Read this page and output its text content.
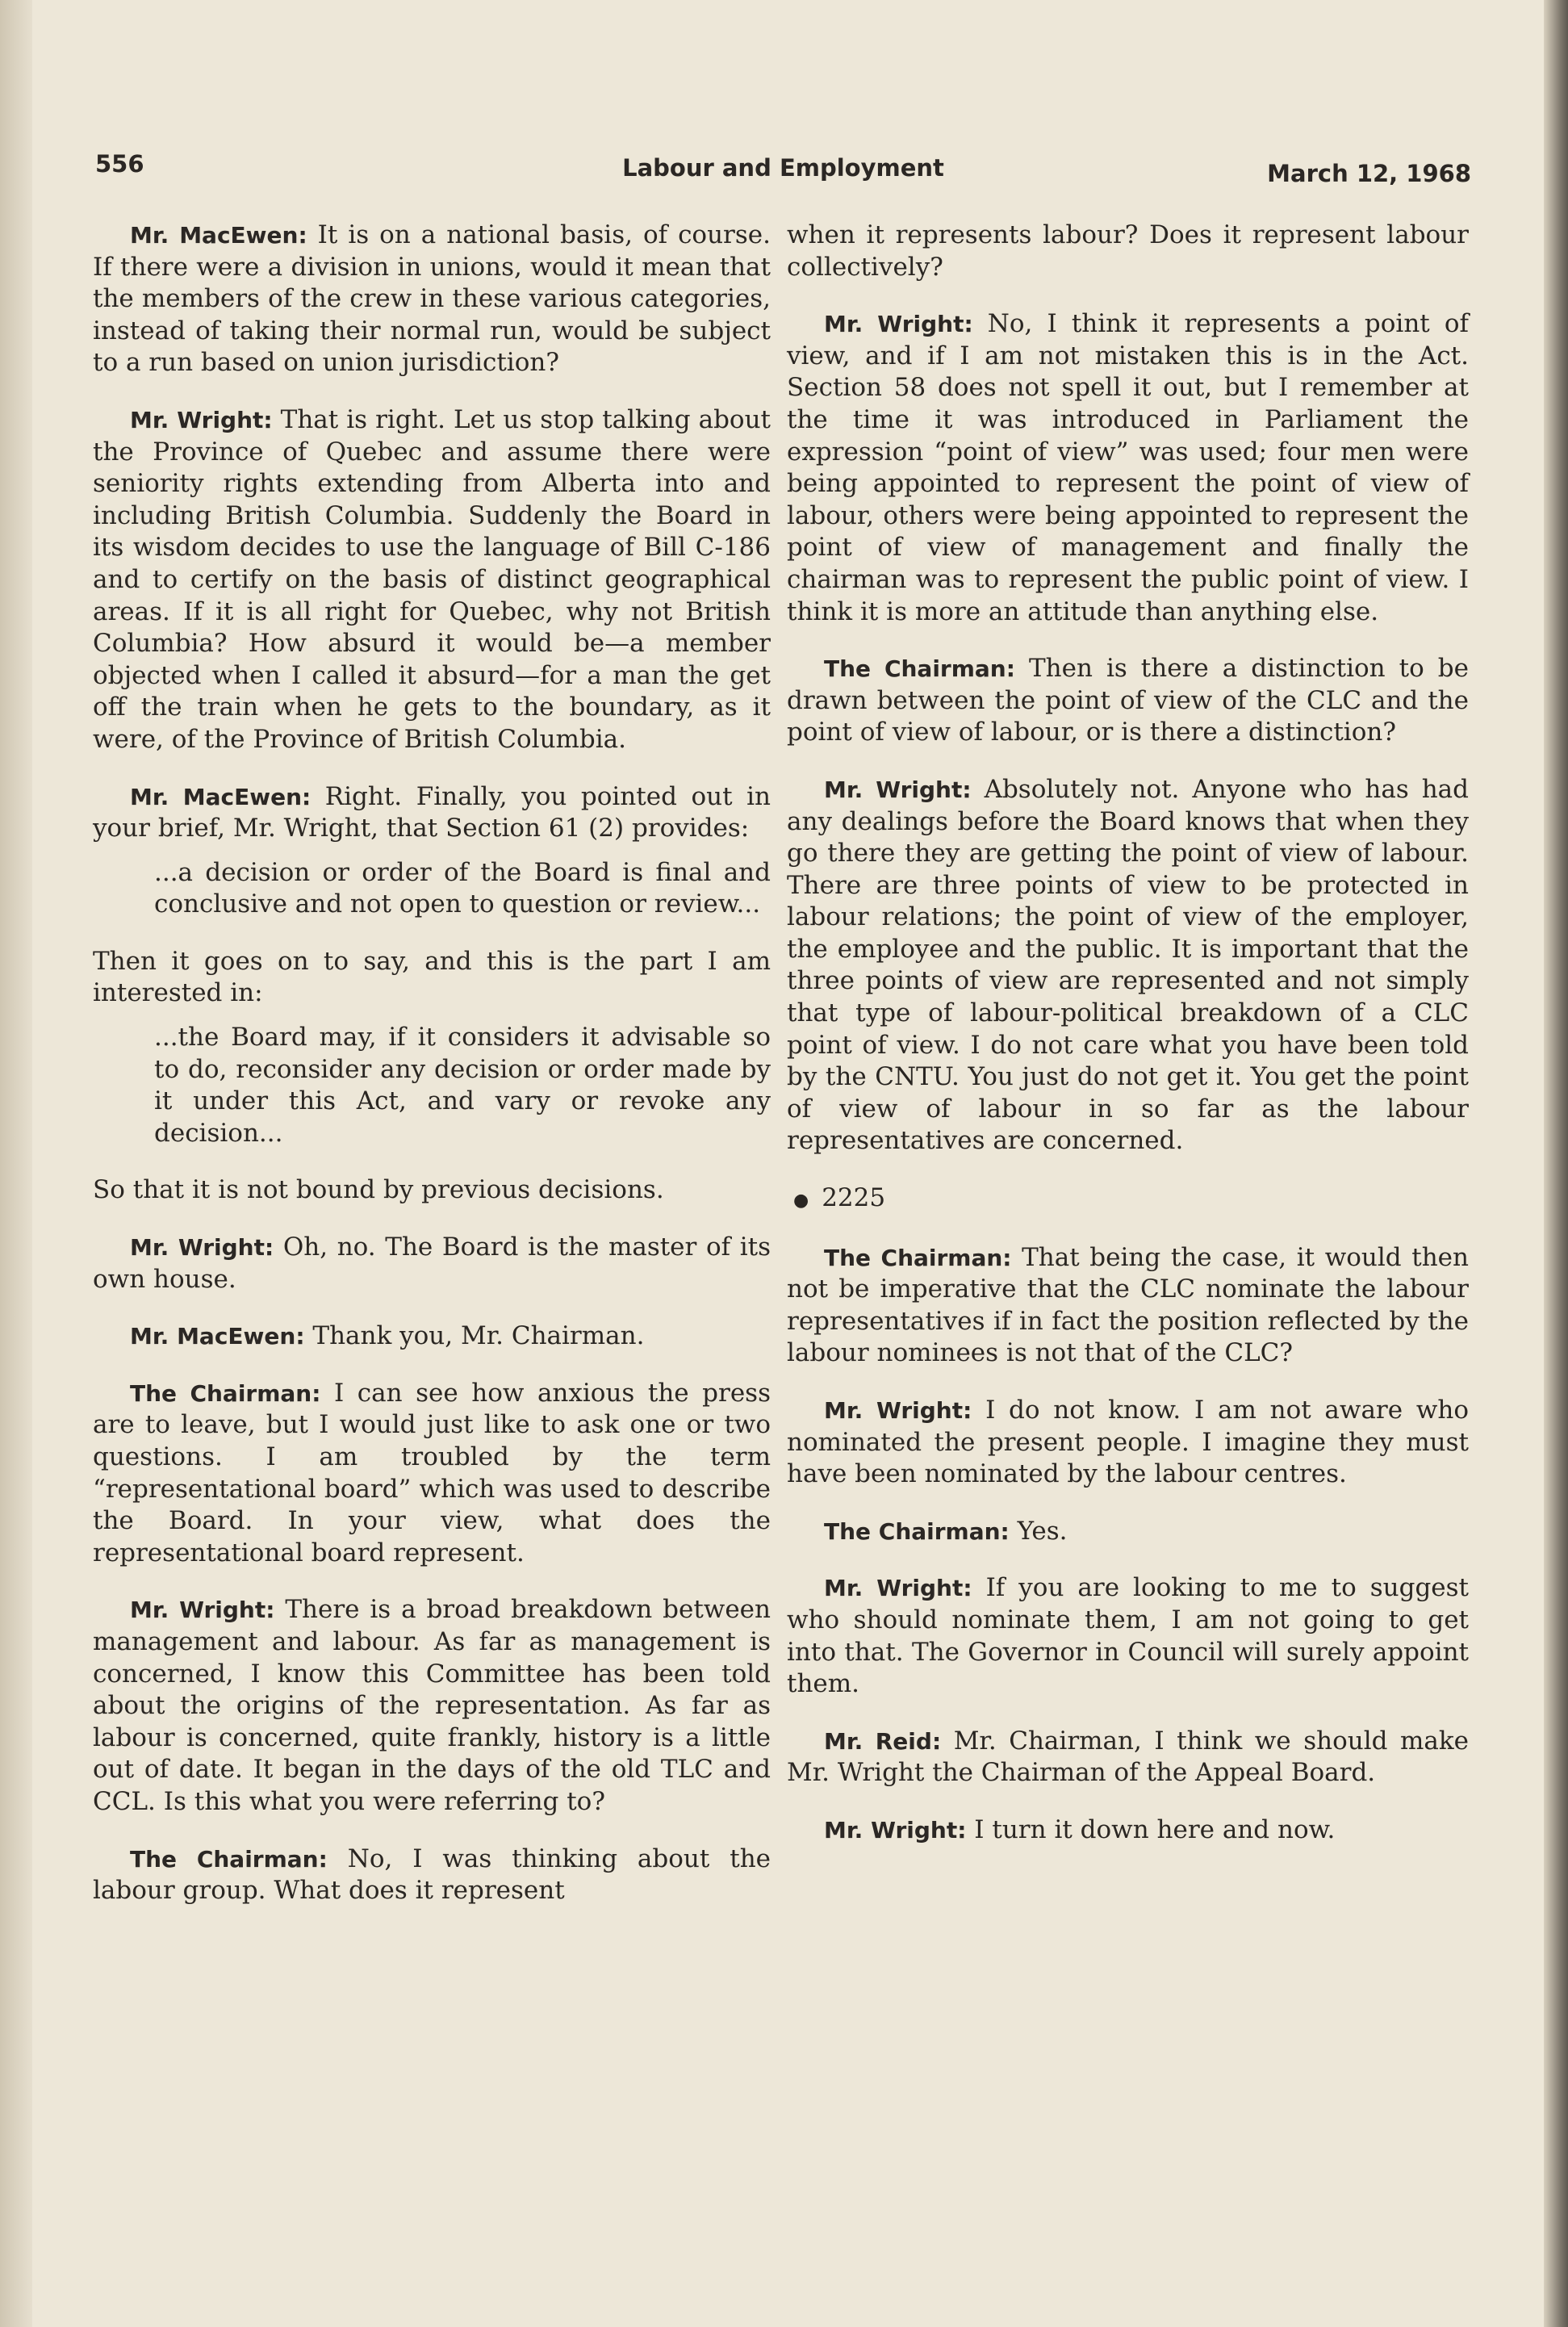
556	Labour and Employment	March 12, 1968

Mr. MacEwen: It is on a national basis, of course. If there were a division in unions, would it mean that the members of the crew in these various categories, instead of taking their normal run, would be subject to a run based on union jurisdiction?

Mr. Wright: That is right. Let us stop talking about the Province of Quebec and assume there were seniority rights extending from Alberta into and including British Columbia. Suddenly the Board in its wisdom decides to use the language of Bill C-186 and to certify on the basis of distinct geographical areas. If it is all right for Quebec, why not British Columbia? How absurd it would be—a member objected when I called it absurd—for a man the get off the train when he gets to the boundary, as it were, of the Province of British Columbia.

Mr. MacEwen: Right. Finally, you pointed out in your brief, Mr. Wright, that Section 61 (2) provides:

...a decision or order of the Board is final and conclusive and not open to question or review...

Then it goes on to say, and this is the part I am interested in:

...the Board may, if it considers it advisable so to do, reconsider any decision or order made by it under this Act, and vary or revoke any decision...

So that it is not bound by previous decisions.

Mr. Wright: Oh, no. The Board is the master of its own house.

Mr. MacEwen: Thank you, Mr. Chairman.

The Chairman: I can see how anxious the press are to leave, but I would just like to ask one or two questions. I am troubled by the term “representational board” which was used to describe the Board. In your view, what does the representational board represent.

Mr. Wright: There is a broad breakdown between management and labour. As far as management is concerned, I know this Committee has been told about the origins of the representation. As far as labour is concerned, quite frankly, history is a little out of date. It began in the days of the old TLC and CCL. Is this what you were referring to?

The Chairman: No, I was thinking about the labour group. What does it represent

when it represents labour? Does it represent labour collectively?

Mr. Wright: No, I think it represents a point of view, and if I am not mistaken this is in the Act. Section 58 does not spell it out, but I remember at the time it was introduced in Parliament the expression “point of view” was used; four men were being appointed to represent the point of view of labour, others were being appointed to represent the point of view of management and finally the chairman was to represent the public point of view. I think it is more an attitude than anything else.

The Chairman: Then is there a distinction to be drawn between the point of view of the CLC and the point of view of labour, or is there a distinction?

Mr. Wright: Absolutely not. Anyone who has had any dealings before the Board knows that when they go there they are getting the point of view of labour. There are three points of view to be protected in labour relations; the point of view of the employer, the employee and the public. It is important that the three points of view are represented and not simply that type of labour-political breakdown of a CLC point of view. I do not care what you have been told by the CNTU. You just do not get it. You get the point of view of labour in so far as the labour representatives are concerned.

● 2225

The Chairman: That being the case, it would then not be imperative that the CLC nominate the labour representatives if in fact the position reflected by the labour nominees is not that of the CLC?

Mr. Wright: I do not know. I am not aware who nominated the present people. I imagine they must have been nominated by the labour centres.

The Chairman: Yes.

Mr. Wright: If you are looking to me to suggest who should nominate them, I am not going to get into that. The Governor in Council will surely appoint them.

Mr. Reid: Mr. Chairman, I think we should make Mr. Wright the Chairman of the Appeal Board.

Mr. Wright: I turn it down here and now.
